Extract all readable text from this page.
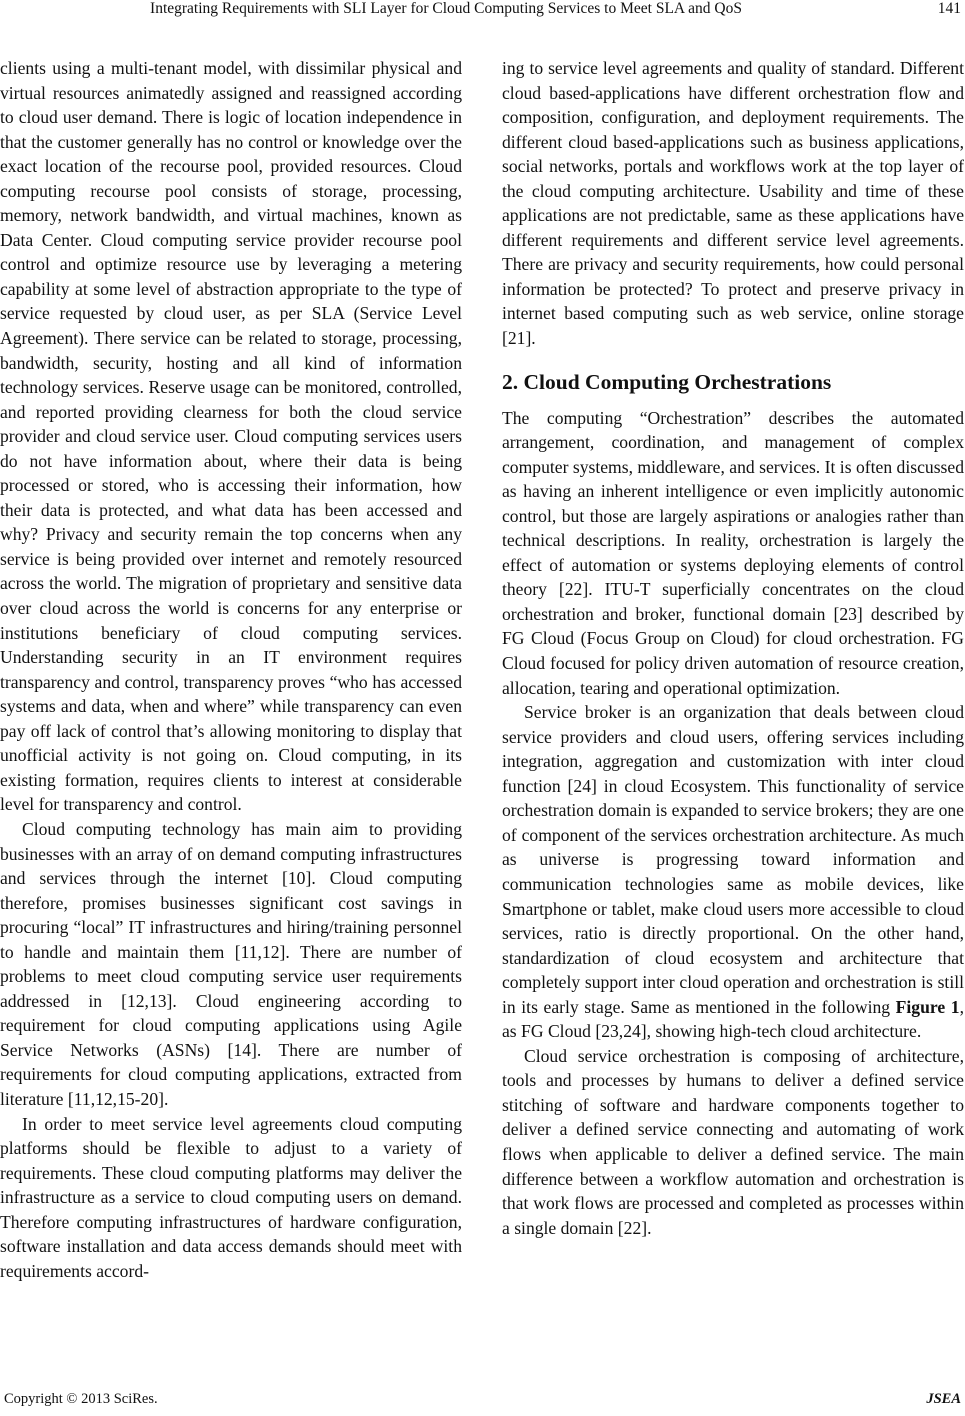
Integrating Requirements with SLI Layer for Cloud Computing Services to Meet SLA and QoS	141

clients using a multi-tenant model, with dissimilar physical and virtual resources animatedly assigned and reassigned according to cloud user demand. There is logic of location independence in that the customer generally has no control or knowledge over the exact location of the recourse pool, provided resources. Cloud computing recourse pool consists of storage, processing, memory, network bandwidth, and virtual machines, known as Data Center. Cloud computing service provider recourse pool control and optimize resource use by leveraging a metering capability at some level of abstraction appropriate to the type of service requested by cloud user, as per SLA (Service Level Agreement). There service can be related to storage, processing, bandwidth, security, hosting and all kind of information technology services. Reserve usage can be monitored, controlled, and reported providing clearness for both the cloud service provider and cloud service user. Cloud computing services users do not have information about, where their data is being processed or stored, who is accessing their information, how their data is protected, and what data has been accessed and why? Privacy and security remain the top concerns when any service is being provided over internet and remotely resourced across the world. The migration of proprietary and sensitive data over cloud across the world is concerns for any enterprise or institutions beneficiary of cloud computing services. Understanding security in an IT environment requires transparency and control, transparency proves “who has accessed systems and data, when and where” while transparency can even pay off lack of control that’s allowing monitoring to display that unofficial activity is not going on. Cloud computing, in its existing formation, requires clients to interest at considerable level for transparency and control.

Cloud computing technology has main aim to providing businesses with an array of on demand computing infrastructures and services through the internet [10]. Cloud computing therefore, promises businesses significant cost savings in procuring “local” IT infrastructures and hiring/training personnel to handle and maintain them [11,12]. There are number of problems to meet cloud computing service user requirements addressed in [12,13]. Cloud engineering according to requirement for cloud computing applications using Agile Service Networks (ASNs) [14]. There are number of requirements for cloud computing applications, extracted from literature [11,12,15-20].

In order to meet service level agreements cloud computing platforms should be flexible to adjust to a variety of requirements. These cloud computing platforms may deliver the infrastructure as a service to cloud computing users on demand. Therefore computing infrastructures of hardware configuration, software installation and data access demands should meet with requirements accord-

ing to service level agreements and quality of standard. Different cloud based-applications have different orchestration flow and composition, configuration, and deployment requirements. The different cloud based-applications such as business applications, social networks, portals and workflows work at the top layer of the cloud computing architecture. Usability and time of these applications are not predictable, same as these applications have different requirements and different service level agreements. There are privacy and security requirements, how could personal information be protected? To protect and preserve privacy in internet based computing such as web service, online storage [21].

2. Cloud Computing Orchestrations

The computing “Orchestration” describes the automated arrangement, coordination, and management of complex computer systems, middleware, and services. It is often discussed as having an inherent intelligence or even implicitly autonomic control, but those are largely aspirations or analogies rather than technical descriptions. In reality, orchestration is largely the effect of automation or systems deploying elements of control theory [22]. ITU-T superficially concentrates on the cloud orchestration and broker, functional domain [23] described by FG Cloud (Focus Group on Cloud) for cloud orchestration. FG Cloud focused for policy driven automation of resource creation, allocation, tearing and operational optimization.

Service broker is an organization that deals between cloud service providers and cloud users, offering services including integration, aggregation and customization with inter cloud function [24] in cloud Ecosystem. This functionality of service orchestration domain is expanded to service brokers; they are one of component of the services orchestration architecture. As much as universe is progressing toward information and communication technologies same as mobile devices, like Smartphone or tablet, make cloud users more accessible to cloud services, ratio is directly proportional. On the other hand, standardization of cloud ecosystem and architecture that completely support inter cloud operation and orchestration is still in its early stage. Same as mentioned in the following Figure 1, as FG Cloud [23,24], showing high-tech cloud architecture.

Cloud service orchestration is composing of architecture, tools and processes by humans to deliver a defined service stitching of software and hardware components together to deliver a defined service connecting and automating of work flows when applicable to deliver a defined service. The main difference between a workflow automation and orchestration is that work flows are processed and completed as processes within a single domain [22].

Copyright © 2013 SciRes.	JSEA
